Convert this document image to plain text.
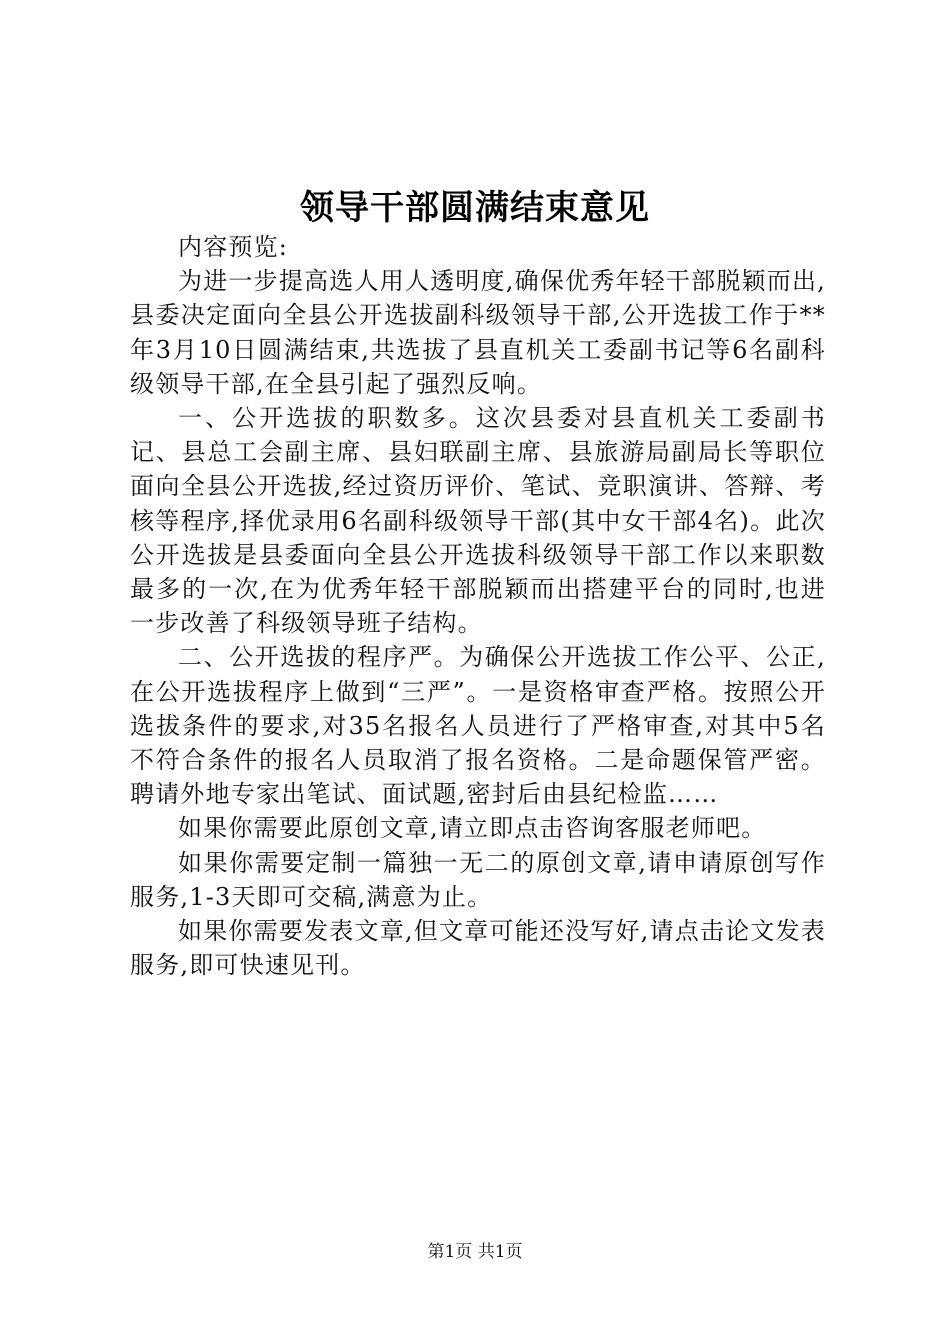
领导干部圆满结束意见

内容预览:

为进一步提高选人用人透明度,确保优秀年轻干部脱颖而出,县委决定面向全县公开选拔副科级领导干部,公开选拔工作于**年3月10日圆满结束,共选拔了县直机关工委副书记等6名副科级领导干部,在全县引起了强烈反响。

一、公开选拔的职数多。这次县委对县直机关工委副书记、县总工会副主席、县妇联副主席、县旅游局副局长等职位面向全县公开选拔,经过资历评价、笔试、竞职演讲、答辩、考核等程序,择优录用6名副科级领导干部(其中女干部4名)。此次公开选拔是县委面向全县公开选拔科级领导干部工作以来职数最多的一次,在为优秀年轻干部脱颖而出搭建平台的同时,也进一步改善了科级领导班子结构。

二、公开选拔的程序严。为确保公开选拔工作公平、公正,在公开选拔程序上做到“三严”。一是资格审查严格。按照公开选拔条件的要求,对35名报名人员进行了严格审查,对其中5名不符合条件的报名人员取消了报名资格。二是命题保管严密。聘请外地专家出笔试、面试题,密封后由县纪检监……

如果你需要此原创文章,请立即点击咨询客服老师吧。

如果你需要定制一篇独一无二的原创文章,请申请原创写作服务,1-3天即可交稿,满意为止。

如果你需要发表文章,但文章可能还没写好,请点击论文发表服务,即可快速见刊。

第1页 共1页
